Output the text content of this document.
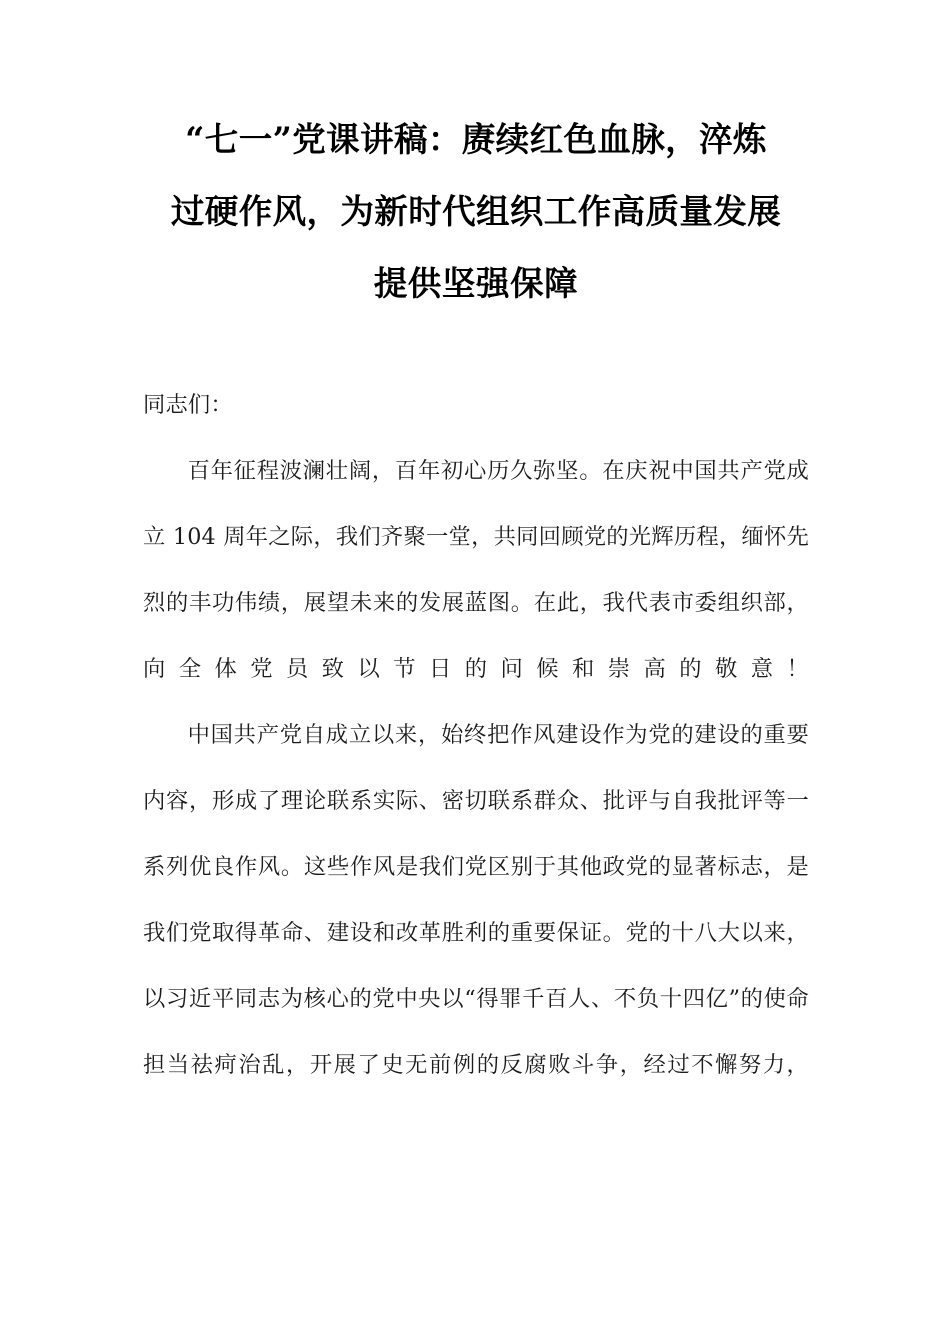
“七一”党课讲稿：赓续红色血脉，淬炼
过硬作风，为新时代组织工作高质量发展
提供坚强保障

同志们：

百年征程波澜壮阔，百年初心历久弥坚。在庆祝中国共产党成立 104 周年之际，我们齐聚一堂，共同回顾党的光辉历程，缅怀先烈的丰功伟绩，展望未来的发展蓝图。在此，我代表市委组织部，向全体党员致以节日的问候和崇高的敬意！

中国共产党自成立以来，始终把作风建设作为党的建设的重要内容，形成了理论联系实际、密切联系群众、批评与自我批评等一系列优良作风。这些作风是我们党区别于其他政党的显著标志，是我们党取得革命、建设和改革胜利的重要保证。党的十八大以来，以习近平同志为核心的党中央以“得罪千百人、不负十四亿”的使命担当祛疴治乱，开展了史无前例的反腐败斗争，经过不懈努力，
